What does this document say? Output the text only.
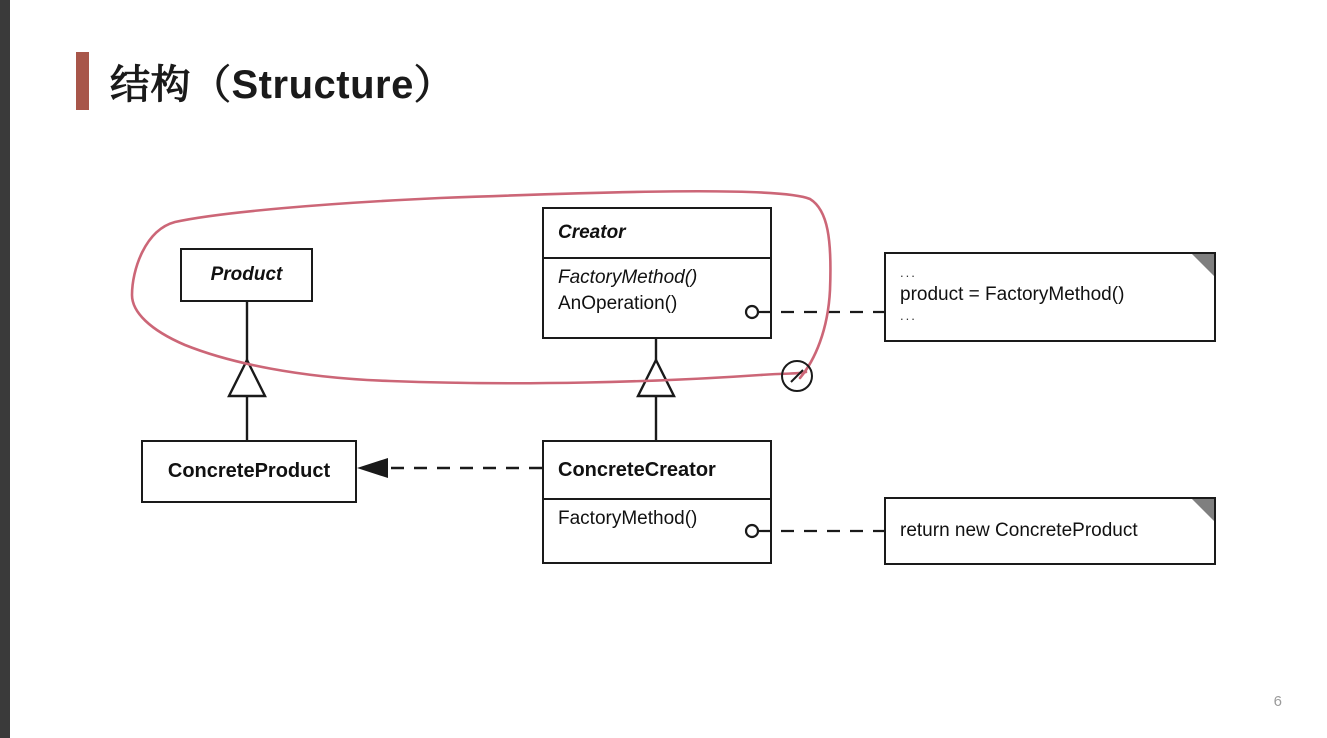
结构（Structure）
Product
Creator
FactoryMethod()
AnOperation()
ConcreteProduct	ConcreteCreator
FactoryMethod()
...
product = FactoryMethod()
...
return new ConcreteProduct
6
